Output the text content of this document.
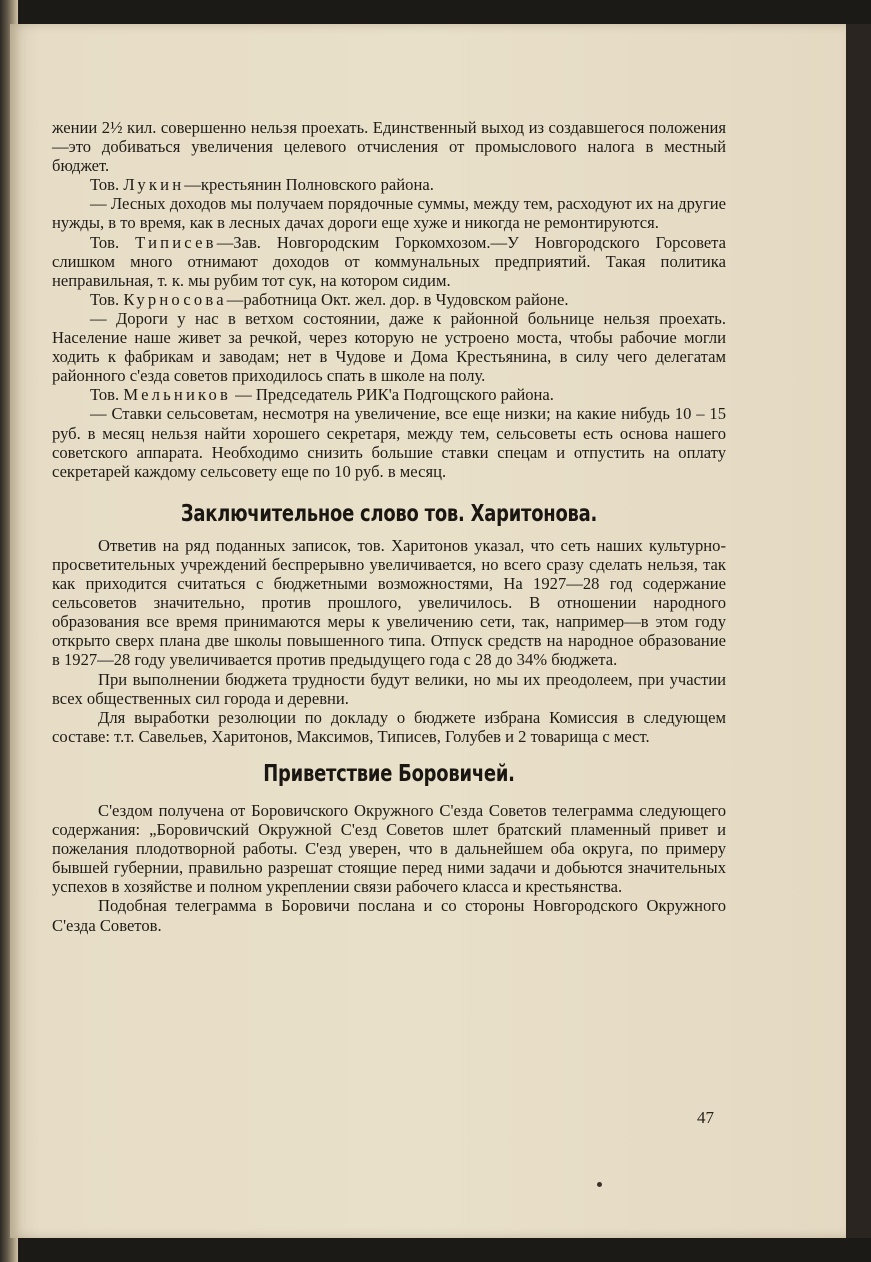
жении 2½ кил. совершенно нельзя проехать. Единственный выход из создавшегося положения—это добиваться увеличения целевого отчисления от промыслового налога в местный бюджет.

Тов. Лукин—крестьянин Полновского района.

— Лесных доходов мы получаем порядочные суммы, между тем, расходуют их на другие нужды, в то время, как в лесных дачах дороги еще хуже и никогда не ремонтируются.

Тов. Типисев—Зав. Новгородским Горкомхозом.—У Новгородского Горсовета слишком много отнимают доходов от коммунальных предприятий. Такая политика неправильная, т. к. мы рубим тот сук, на котором сидим.

Тов. Курносова—работница Окт. жел. дор. в Чудовском районе.

— Дороги у нас в ветхом состоянии, даже к районной больнице нельзя проехать. Население наше живет за речкой, через которую не устроено моста, чтобы рабочие могли ходить к фабрикам и заводам; нет в Чудове и Дома Крестьянина, в силу чего делегатам районного с'езда советов приходилось спать в школе на полу.

Тов. Мельников — Председатель РИК'а Подгощского района.

— Ставки сельсоветам, несмотря на увеличение, все еще низки; на какие нибудь 10 – 15 руб. в месяц нельзя найти хорошего секретаря, между тем, сельсоветы есть основа нашего советского аппарата. Необходимо снизить большие ставки спецам и отпустить на оплату секретарей каждому сельсовету еще по 10 руб. в месяц.

Заключительное слово тов. Харитонова.

Ответив на ряд поданных записок, тов. Харитонов указал, что сеть наших культурно-просветительных учреждений беспрерывно увеличивается, но всего сразу сделать нельзя, так как приходится считаться с бюджетными возможностями, На 1927—28 год содержание сельсоветов значительно, против прошлого, увеличилось. В отношении народного образования все время принимаются меры к увеличению сети, так, например—в этом году открыто сверх плана две школы повышенного типа. Отпуск средств на народное образование в 1927—28 году увеличивается против предыдущего года с 28 до 34% бюджета.

При выполнении бюджета трудности будут велики, но мы их преодолеем, при участии всех общественных сил города и деревни.

Для выработки резолюции по докладу о бюджете избрана Комиссия в следующем составе: т.т. Савельев, Харитонов, Максимов, Типисев, Голубев и 2 товарища с мест.

Приветствие Боровичей.

С'ездом получена от Боровичского Окружного С'езда Советов телеграмма следующего содержания: „Боровичский Окружной С'езд Советов шлет братский пламенный привет и пожелания плодотворной работы. С'езд уверен, что в дальнейшем оба округа, по примеру бывшей губернии, правильно разрешат стоящие перед ними задачи и добьются значительных успехов в хозяйстве и полном укреплении связи рабочего класса и крестьянства.

Подобная телеграмма в Боровичи послана и со стороны Новгородского Окружного С'езда Советов.

47
